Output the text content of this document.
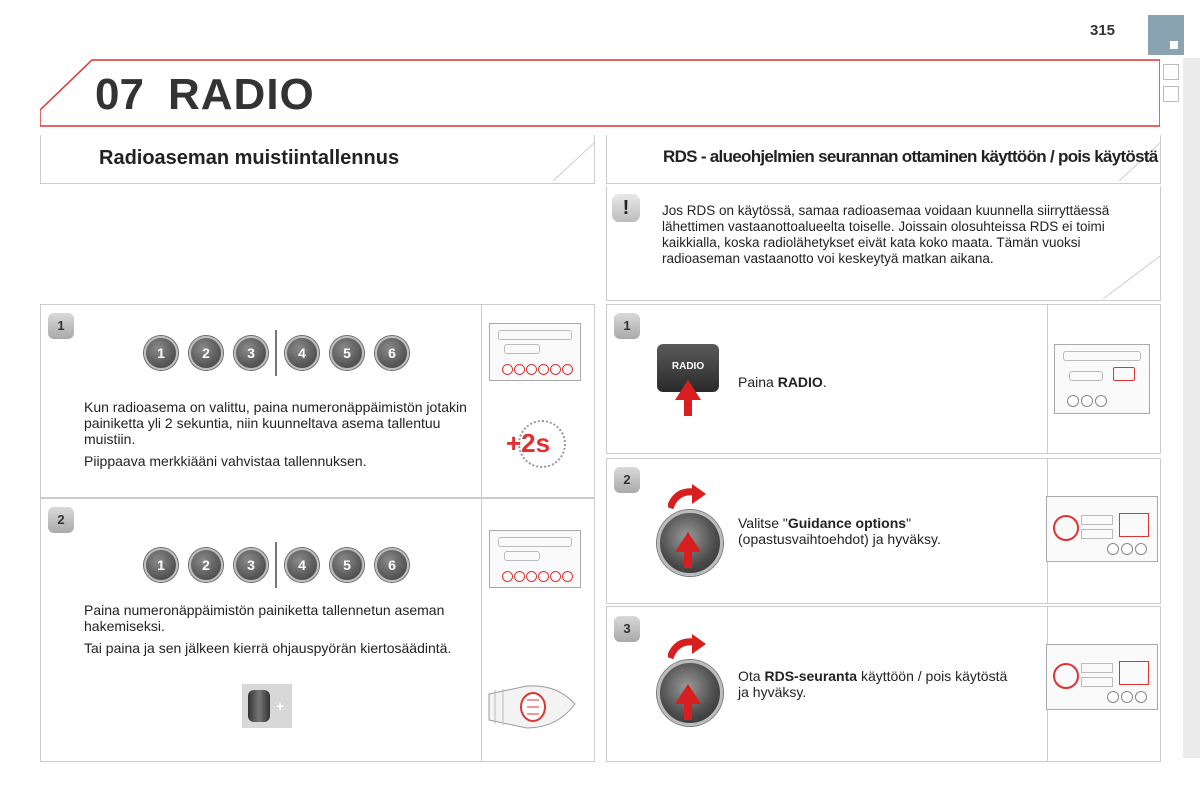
315
07 RADIO
Radioaseman muistiintallennus	RDS - alueohjelmien seurannan ottaminen käyttöön / pois käytöstä
!	Jos RDS on käytössä, samaa radioasemaa voidaan kuunnella siirryttäessä lähettimen vastaanottoalueelta toiselle. Joissain olosuhteissa RDS ei toimi kaikkialla, koska radiolähetykset eivät kata koko maata. Tämän vuoksi radioaseman vastaanotto voi keskeytyä matkan aikana.
1
1	2	3	4	5	6

Kun radioasema on valittu, paina numeronäppäimistön jotakin painiketta yli 2 sekuntia, niin kuunneltava asema tallentuu muistiin.

Piippaava merkkiääni vahvistaa tallennuksen.

+2s
2
1	2	3	4	5	6

Paina numeronäppäimistön painiketta tallennetun aseman hakemiseksi.

Tai paina ja sen jälkeen kierrä ohjauspyörän kiertosäädintä.

+
1
RADIO
Paina RADIO.
2
Valitse "Guidance options" (opastusvaihtoehdot) ja hyväksy.
3
Ota RDS-seuranta käyttöön / pois käytöstä ja hyväksy.
